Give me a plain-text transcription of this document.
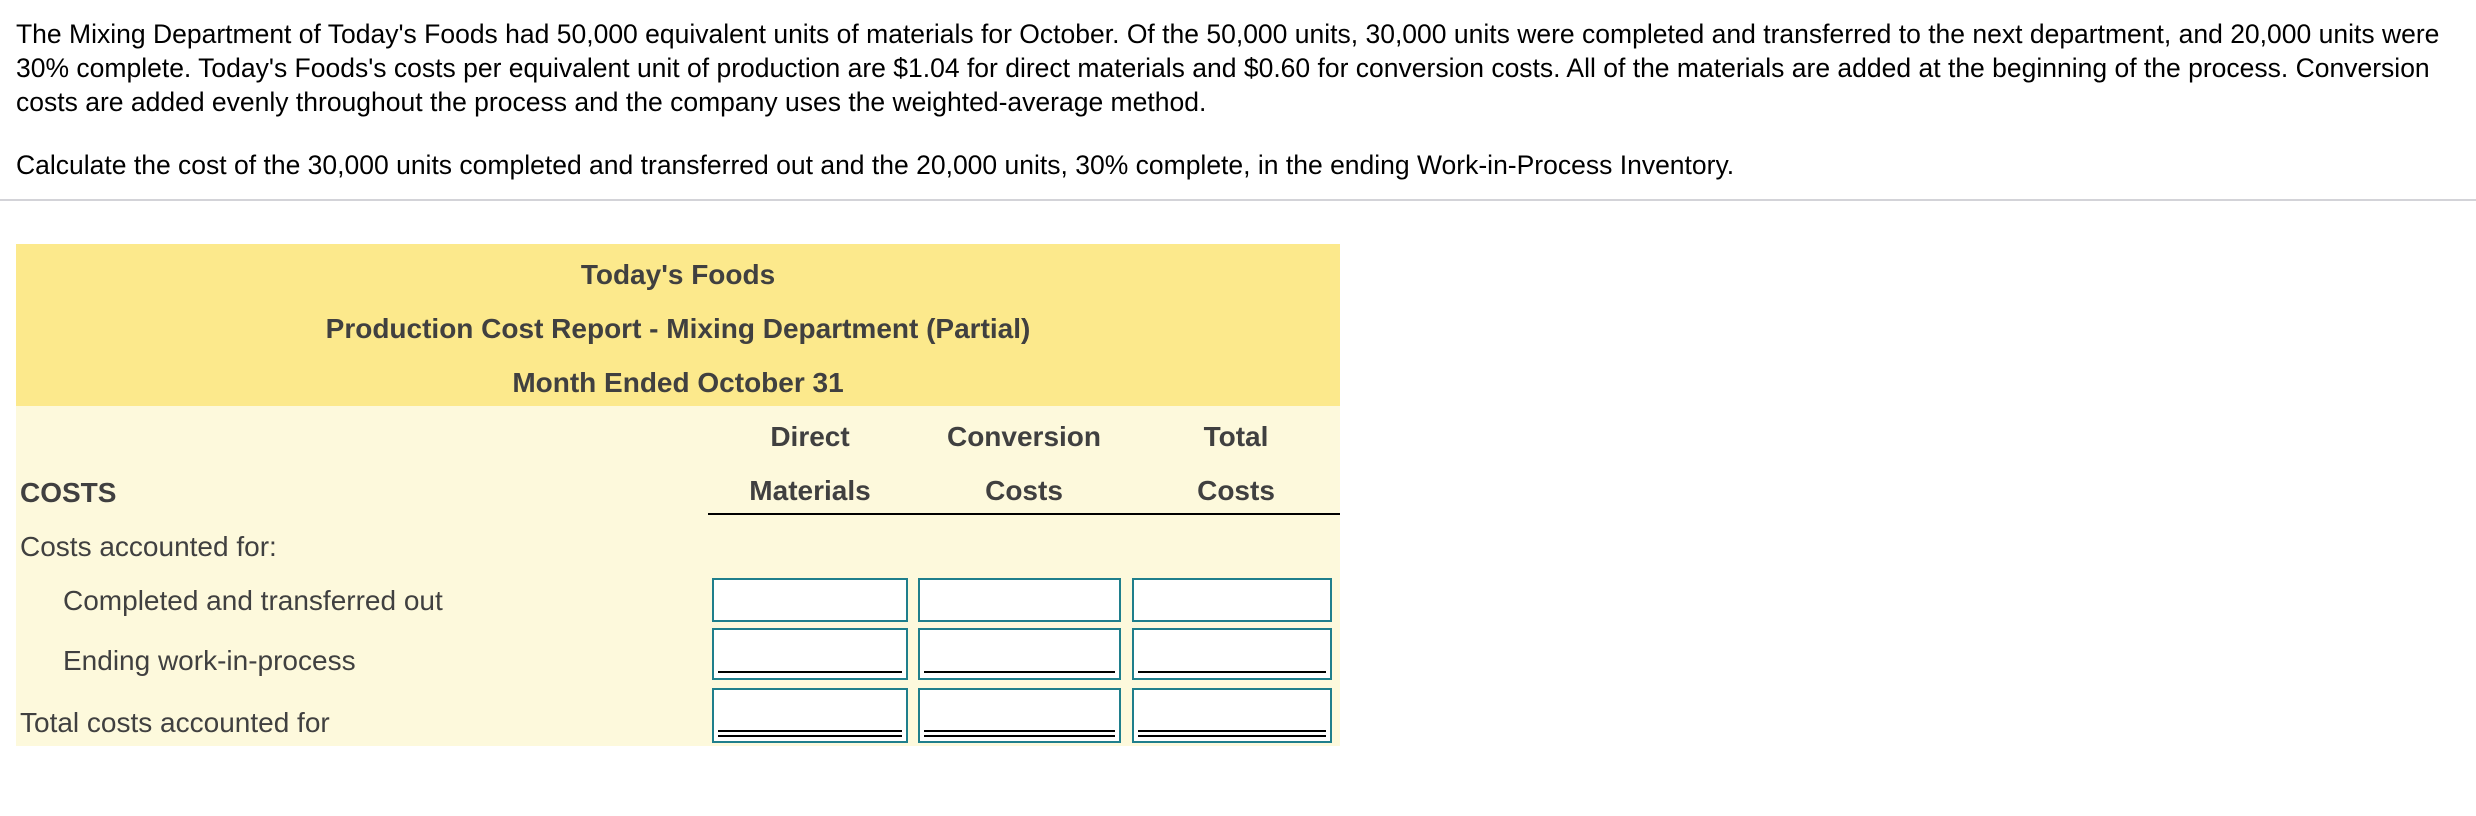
The Mixing Department of Today's Foods had 50,000 equivalent units of materials for October. Of the 50,000 units, 30,000 units were completed and transferred to the next department, and 20,000 units were 30% complete. Today's Foods's costs per equivalent unit of production are $1.04 for direct materials and $0.60 for conversion costs. All of the materials are added at the beginning of the process. Conversion costs are added evenly throughout the process and the company uses the weighted-average method.

Calculate the cost of the 30,000 units completed and transferred out and the 20,000 units, 30% complete, in the ending Work-in-Process Inventory.
Today's Foods
Production Cost Report - Mixing Department (Partial)
Month Ended October 31
Direct
Materials
Conversion
Costs
Total
Costs
COSTS
Costs accounted for:
Completed and transferred out
Ending work-in-process
Total costs accounted for
